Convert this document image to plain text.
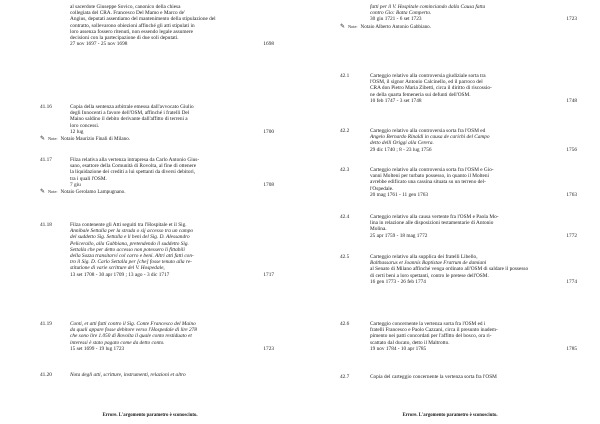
al sacerdote Giuseppe Sovico, canonico della chiesa
collegiata del CRA. Francesco Del Mamo e Marco de'
Angius, deputati assentiamo del mantenimento della stipulazione del
contratto, sollevarono obiezioni affinché gli atti stipulati in
loro assenza fossero ritenuti, non essendo legale assumere
decisioni con la partecipazione di due soli deputati.
27 nov 1697 - 25 nov 1698	1698
41.16	Copia della sentenza arbitrale emessa dall'avvocato Giulio
degli Innocenti a favore dell'OSM, affinché i fratelli Del
Maino saldino il debito derivante dall'affitto di terreni a
loro concessi.
12 lug	1700
✎ Note: Notaio Maurizio Finali di Milano.
41.17	Filza relativa alla vertenza intrapresa da Carlo Antonio Gius-
sano, esattore della Comunità di Rovolta, al fine di ottenere
la liquidazione dei crediti a lui spettanti da diversi debitori,
tra i quali l'OSM.
7 giu	1708
✎ Note: Notaio Gerolamo Lampugnano.
41.18	Filza contenente gli Atti seguiti tra l'Hospitale et il Sig.
Annibale Settalla per la strada o sij accesso tra un campo
del suddetto Sig. Settalla e li beni del Sig. D. Alessandro
Pelicerallo, alla Gabbiana, pretendendo il suddetto Sig.
Settalla che per detto accesso non potessero li fittabili
della Sozza transitarvi col carro e beni. Altri atti fatti con-
tro il Sig. D. Carlo Settalla per [che] fosse tenuto alla re-
stitutione di varie scritture del V. Hospedale,
13 set 1708 - 30 apr 1709 ; 13 ago - 3 dic 1717	1717
41.19	Conti, et atti fatti contro il Sig. Conte Francesco del Maino
da quali appare fosse debitore verso l'Hospedale di lire 278
che sono lire 1.050 di Rovolta il quale conto restiduato et
interessi è stato pagato come da detto conto.
15 set 1699 - 19 lug 1723	1723
41.20	Nota degli atti, scritture, instrumenti, relazioni et altro
Errore. L'argomento parametro è sconosciuto.
fatti per il V. Hospitale cominciando dalla Causa fatta
contro Gio: Batta Comperto.
30 giu 1721 - 6 set 1723	1723
✎ Note: Notaio Alberto Antonio Gabbiano.
42.1	Carteggio relativo alla controversia giudiziale sorta tra
l'OSM, il signor Antonio Calcinello, ed il parroco del
CRA don Pietro Maria Zibetti, circa il diritto di riscossio-
ne della quarta femeneria sui defunti dell'OSM.
10 feb 1747 - 3 set 1748	1748
42.2	Carteggio relativo alla controversia sorta fra l'OSM ed
Angelo Bernardo Rinaldi in causa de carichi del Campo
detto delli Origgi alla Cerera.
29 dic 1740 ; 8 - 23 lug 1756	1756
42.3	Carteggio relativo alla controversia sorta fra l'OSM e Gio-
vanni Molteni per turbato possesso, in quanto il Molteni
avrebbe edificato una cassina situata su un terreno del-
l'Ospedale.
20 mag 1761 - 11 gen 1763	1763
42.4	Carteggio relativo alla causa vertente fra l'OSM e Paola Mo-
lina in relazione alle disposizioni testamentarie di Antonio
Molina.
25 apr 1759 - 18 mag 1772	1772
42.5	Carteggio relativo alla supplica dei fratelli Libello,
Balthassarus et Joannis Baptistae Fratrum de damiani
al Senato di Milano affinché venga ordinato all'OSM di saldare il possesso
di certi beni a loro spettanti, contro le pretese dell'OSM.
16 gen 1773 - 26 feb 1774	1774
42.6	Carteggio concernente la vertenza sorta fra l'OSM ed i
fratelli Francesco e Paolo Cazzani, circa il presunto inadem-
pimento nei patti concordati per l'affitto del bosco, ora ri-
scattato dal ducato, detto il Maltrotto.
19 nov 1784 - 10 apr 1785	1785
42.7	Copia del carteggio concernente la vertenza sorta fra l'OSM
Errore. L'argomento parametro è sconosciuto.
